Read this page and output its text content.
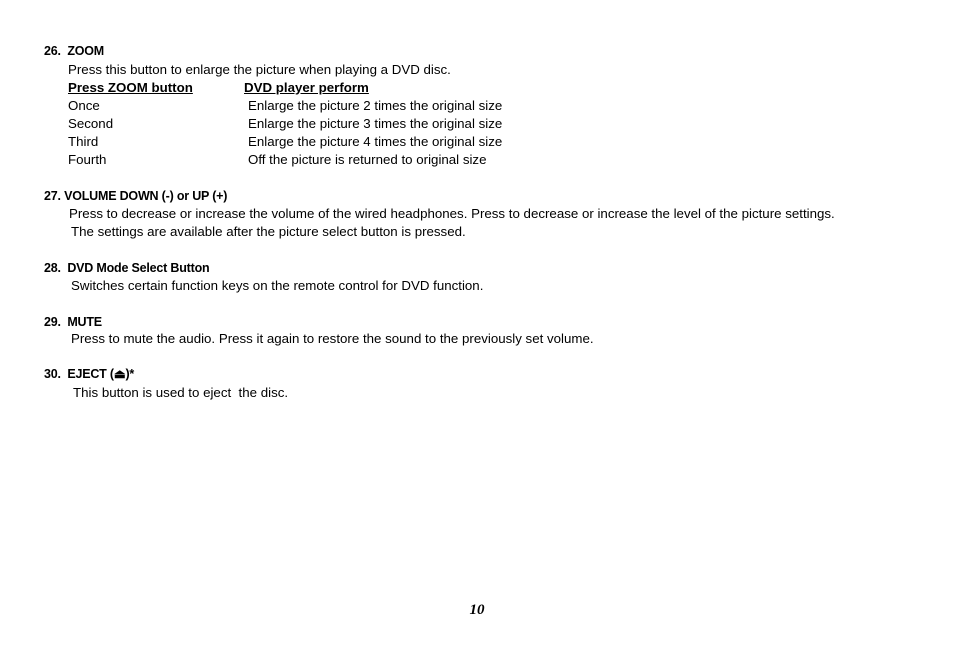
26. ZOOM
Press this button to enlarge the picture when playing a DVD disc.
Press ZOOM button	DVD player perform
Once	Enlarge the picture 2 times the original size
Second	Enlarge the picture 3 times the original size
Third	Enlarge the picture 4 times the original size
Fourth	Off the picture is returned to original size
27. VOLUME DOWN (-) or UP (+)
Press to decrease or increase the volume of the wired headphones. Press to decrease or increase the level of the picture settings.
The settings are available after the picture select button is pressed.
28. DVD Mode Select Button
Switches certain function keys on the remote control for DVD function.
29. MUTE
Press to mute the audio. Press it again to restore the sound to the previously set volume.
30. EJECT (⏏)*
This button is used to eject  the disc.
10
